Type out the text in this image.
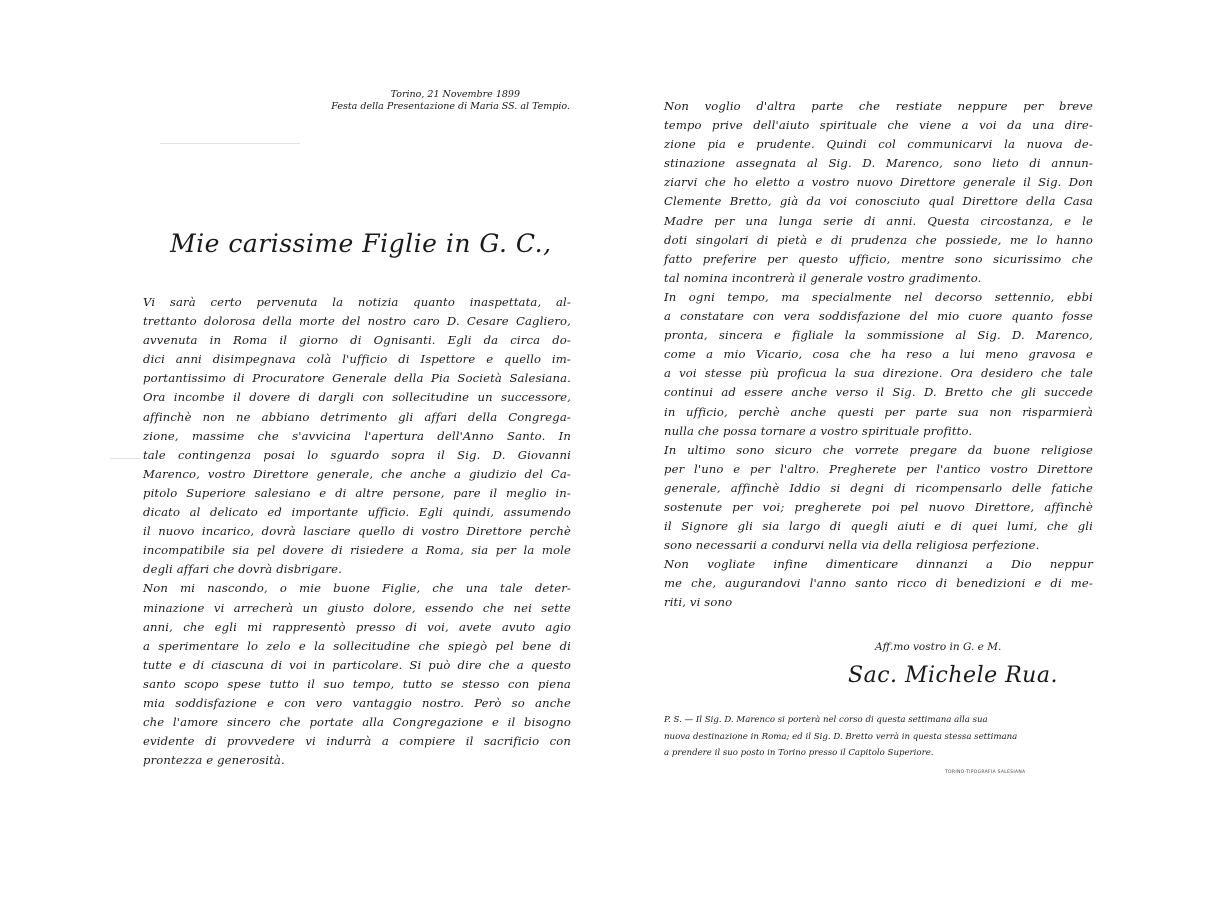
Torino, 21 Novembre 1899
Festa della Presentazione di Maria SS. al Tempio.
Mie carissime Figlie in G. C.,
Vi sarà certo pervenuta la notizia quanto inaspettata, al-
trettanto dolorosa della morte del nostro caro D. Cesare Cagliero,
avvenuta in Roma il giorno di Ognisanti. Egli da circa do-
dici anni disimpegnava colà l'ufficio di Ispettore e quello im-
portantissimo di Procuratore Generale della Pia Società Salesiana.
Ora incombe il dovere di dargli con sollecitudine un successore,
affinchè non ne abbiano detrimento gli affari della Congrega-
zione, massime che s'avvicina l'apertura dell'Anno Santo. In
tale contingenza posai lo sguardo sopra il Sig. D. Giovanni
Marenco, vostro Direttore generale, che anche a giudizio del Ca-
pitolo Superiore salesiano e di altre persone, pare il meglio in-
dicato al delicato ed importante ufficio. Egli quindi, assumendo
il nuovo incarico, dovrà lasciare quello di vostro Direttore perchè
incompatibile sia pel dovere di risiedere a Roma, sia per la mole
degli affari che dovrà disbrigare.
Non mi nascondo, o mie buone Figlie, che una tale deter-
minazione vi arrecherà un giusto dolore, essendo che nei sette
anni, che egli mi rappresentò presso di voi, avete avuto agio
a sperimentare lo zelo e la sollecitudine che spiegò pel bene di
tutte e di ciascuna di voi in particolare. Si può dire che a questo
santo scopo spese tutto il suo tempo, tutto se stesso con piena
mia soddisfazione e con vero vantaggio nostro. Però so anche
che l'amore sincero che portate alla Congregazione e il bisogno
evidente di provvedere vi indurrà a compiere il sacrificio con
prontezza e generosità.
Non voglio d'altra parte che restiate neppure per breve
tempo prive dell'aiuto spirituale che viene a voi da una dire-
zione pia e prudente. Quindi col communicarvi la nuova de-
stinazione assegnata al Sig. D. Marenco, sono lieto di annun-
ziarvi che ho eletto a vostro nuovo Direttore generale il Sig. Don
Clemente Bretto, già da voi conosciuto qual Direttore della Casa
Madre per una lunga serie di anni. Questa circostanza, e le
doti singolari di pietà e di prudenza che possiede, me lo hanno
fatto preferire per questo ufficio, mentre sono sicurissimo che
tal nomina incontrerà il generale vostro gradimento.
In ogni tempo, ma specialmente nel decorso settennio, ebbi
a constatare con vera soddisfazione del mio cuore quanto fosse
pronta, sincera e figliale la sommissione al Sig. D. Marenco,
come a mio Vicario, cosa che ha reso a lui meno gravosa e
a voi stesse più proficua la sua direzione. Ora desidero che tale
continui ad essere anche verso il Sig. D. Bretto che gli succede
in ufficio, perchè anche questi per parte sua non risparmierà
nulla che possa tornare a vostro spirituale profitto.
In ultimo sono sicuro che vorrete pregare da buone religiose
per l'uno e per l'altro. Pregherete per l'antico vostro Direttore
generale, affinchè Iddio si degni di ricompensarlo delle fatiche
sostenute per voi; pregherete poi pel nuovo Direttore, affinchè
il Signore gli sia largo di quegli aiuti e di quei lumi, che gli
sono necessarii a condurvi nella via della religiosa perfezione.
Non vogliate infine dimenticare dinnanzi a Dio neppur
me che, augurandovi l'anno santo ricco di benedizioni e di me-
riti, vi sono
Aff.mo vostro in G. e M.
Sac. Michele Rua.
P. S. — Il Sig. D. Marenco si porterà nel corso di questa settimana alla sua
nuova destinazione in Roma; ed il Sig. D. Bretto verrà in questa stessa settimana
a prendere il suo posto in Torino presso il Capitolo Superiore.
TORINO-TIPOGRAFIA SALESIANA
